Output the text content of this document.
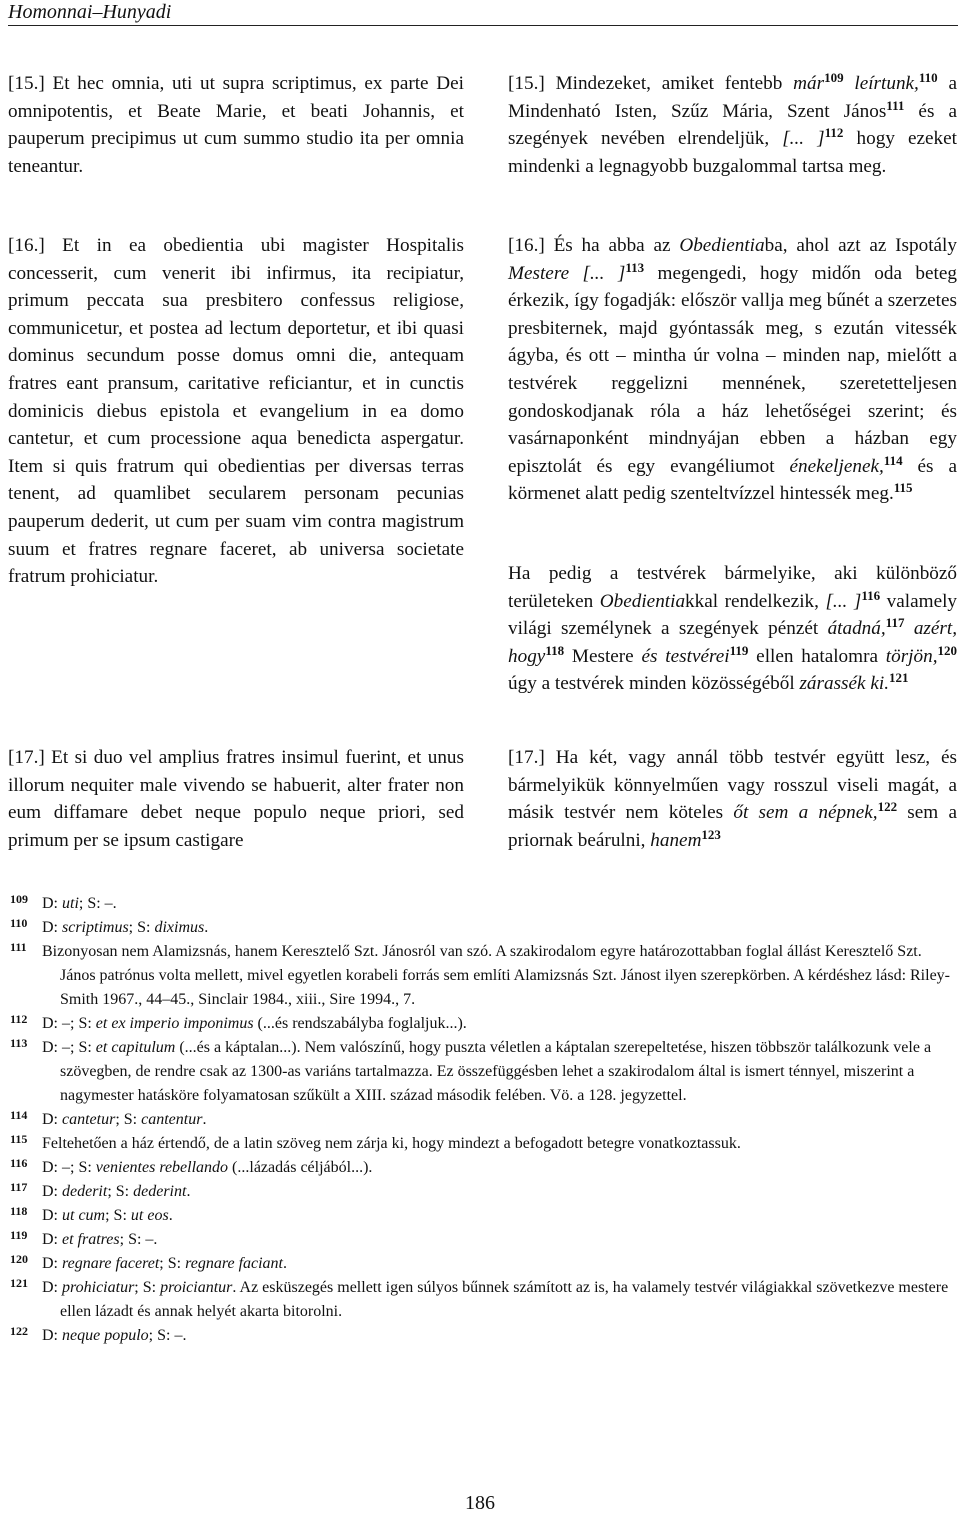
Homonnai–Hunyadi

[15.] Et hec omnia, uti ut supra scriptimus, ex parte Dei omnipotentis, et Beate Marie, et beati Johannis, et pauperum precipimus ut cum summo studio ita per omnia teneantur.

[16.] Et in ea obedientia ubi magister Hospitalis concesserit, cum venerit ibi infirmus, ita recipiatur, primum peccata sua presbitero confessus religiose, communicetur, et postea ad lectum deportetur, et ibi quasi dominus secundum posse domus omni die, antequam fratres eant pransum, caritative reficiantur, et in cunctis dominicis diebus epistola et evangelium in ea domo cantetur, et cum processione aqua benedicta aspergatur. Item si quis fratrum qui obedientias per diversas terras tenent, ad quamlibet secularem personam pecunias pauperum dederit, ut cum per suam vim contra magistrum suum et fratres regnare faceret, ab universa societate fratrum prohiciatur.

[17.] Et si duo vel amplius fratres insimul fuerint, et unus illorum nequiter male vivendo se habuerit, alter frater non eum diffamare debet neque populo neque priori, sed primum per se ipsum castigare

[15.] Mindezeket, amiket fentebb már$^{109}$ leírtunk,$^{110}$ a Mindenható Isten, Szűz Mária, Szent János$^{111}$ és a szegények nevében elrendeljük, [... ]$^{112}$ hogy ezeket mindenki a legnagyobb buzgalommal tartsa meg.

[16.] És ha abba az Obedientiaba, ahol azt az Ispotály Mestere [... ]$^{113}$ megengedi, hogy midőn oda beteg érkezik, így fogadják: először vallja meg bűnét a szerzetes presbiternek, majd gyóntassák meg, s ezután vitessék ágyba, és ott – mintha úr volna – minden nap, mielőtt a testvérek reggelizni mennének, szeretetteljesen gondoskodjanak róla a ház lehetőségei szerint; és vasárnaponként mindnyájan ebben a házban egy episztolát és egy evangéliumot énekeljenek,$^{114}$ és a körmenet alatt pedig szenteltvízzel hintessék meg.$^{115}$

Ha pedig a testvérek bármelyike, aki különböző területeken Obedientiakkal rendelkezik, [... ]$^{116}$ valamely világi személynek a szegények pénzét átadná,$^{117}$ azért, hogy$^{118}$ Mestere és testvérei$^{119}$ ellen hatalomra törjön,$^{120}$ úgy a testvérek minden közösségéből zárassék ki.$^{121}$

[17.] Ha két, vagy annál több testvér együtt lesz, és bármelyikük könnyelműen vagy rosszul viseli magát, a másik testvér nem köteles őt sem a népnek,$^{122}$ sem a priornak beárulni, hanem$^{123}$

109 D: uti; S: –.

110 D: scriptimus; S: diximus.

111 Bizonyosan nem Alamizsnás, hanem Keresztelő Szt. Jánosról van szó. A szakirodalom egyre határozottabban foglal állást Keresztelő Szt. János patrónus volta mellett, mivel egyetlen korabeli forrás sem említi Alamizsnás Szt. Jánost ilyen szerepkörben. A kérdéshez lásd: Riley-Smith 1967., 44–45., Sinclair 1984., xiii., Sire 1994., 7.

112 D: –; S: et ex imperio imponimus (...és rendszabályba foglaljuk...).

113 D: –; S: et capitulum (...és a káptalan...). Nem valószínű, hogy puszta véletlen a káptalan szerepeltetése, hiszen többször találkozunk vele a szövegben, de rendre csak az 1300-as variáns tartalmazza. Ez összefüggésben lehet a szakirodalom által is ismert ténnyel, miszerint a nagymester hatásköre folyamatosan szűkült a XIII. század második felében. Vö. a 128. jegyzettel.

114 D: cantetur; S: cantentur.

115 Feltehetően a ház értendő, de a latin szöveg nem zárja ki, hogy mindezt a befogadott betegre vonatkoztassuk.

116 D: –; S: venientes rebellando (...lázadás céljából...).

117 D: dederit; S: dederint.

118 D: ut cum; S: ut eos.

119 D: et fratres; S: –.

120 D: regnare faceret; S: regnare faciant.

121 D: prohiciatur; S: proiciantur. Az esküszegés mellett igen súlyos bűnnek számított az is, ha valamely testvér világiakkal szövetkezve mestere ellen lázadt és annak helyét akarta bitorolni.

122 D: neque populo; S: –.

186
